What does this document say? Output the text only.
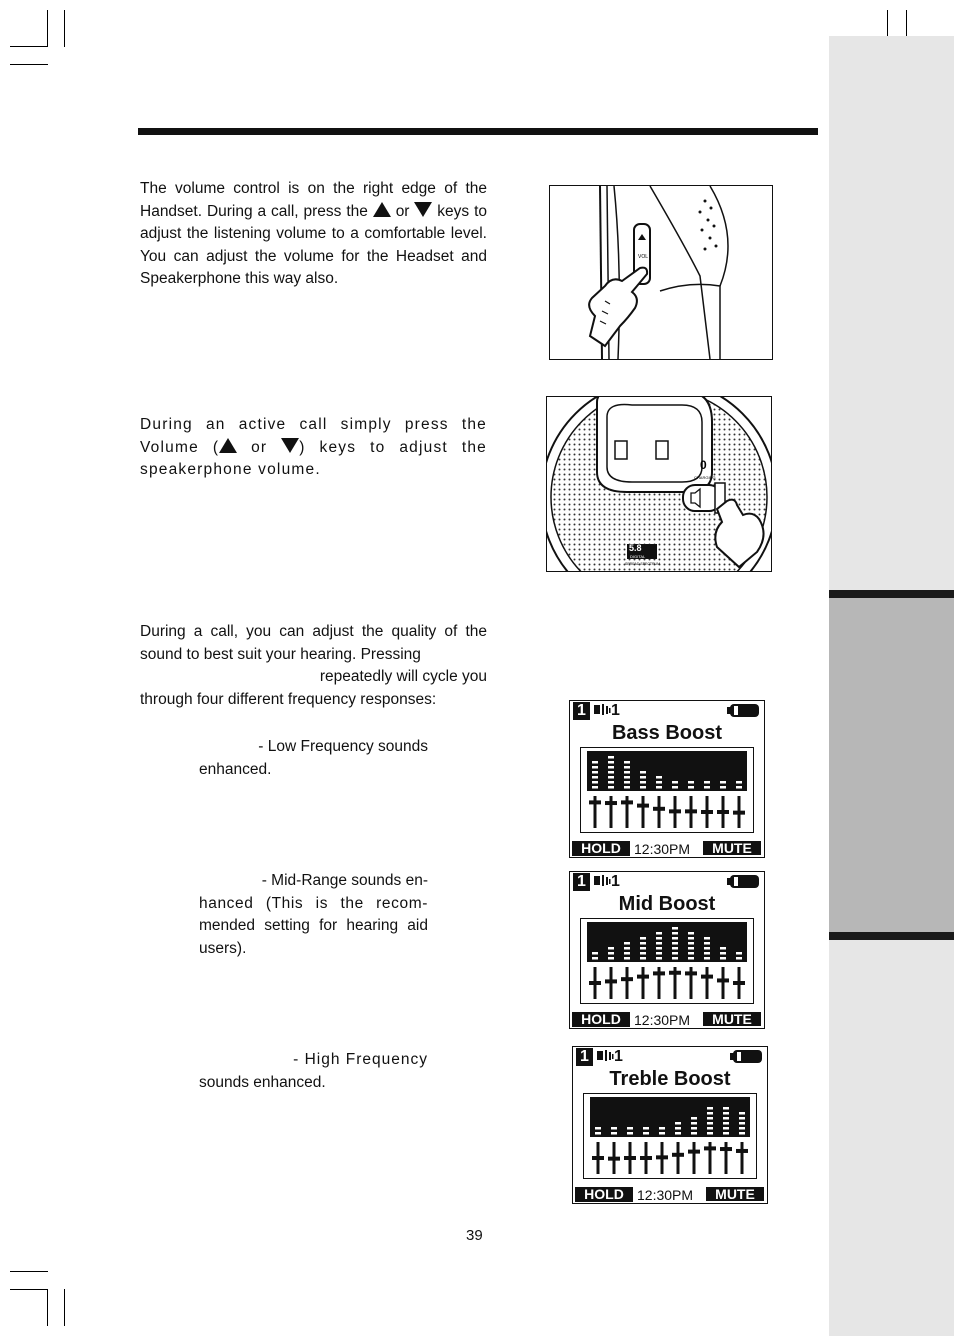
The volume control is on the right edge of the Handset. During a call, press the  or  keys to adjust the listening volume to a comfortable level. You can adjust the volume for the Headset and Speakerphone this way also.

VOL

During an active call simply press the Volume ( or ) keys to adjust the speakerphone volume.	0
CHARGING
5.8
DIGITAL
SPREAD SPECTRUM

During a call, you can adjust the quality of the sound to best suit your hearing. Pressing

repeatedly will cycle you

through four different frequency responses:

- Low Frequency sounds

enhanced.

- Mid-Range sounds en-

hanced (This is the recom-

mended setting for hearing aid

users).

- High Frequency

sounds enhanced.

1 1
Bass Boost
HOLD 12:30PM	MUTE
1 1
Mid Boost
HOLD 12:30PM	MUTE
1 1
Treble Boost
HOLD 12:30PM	MUTE
39
